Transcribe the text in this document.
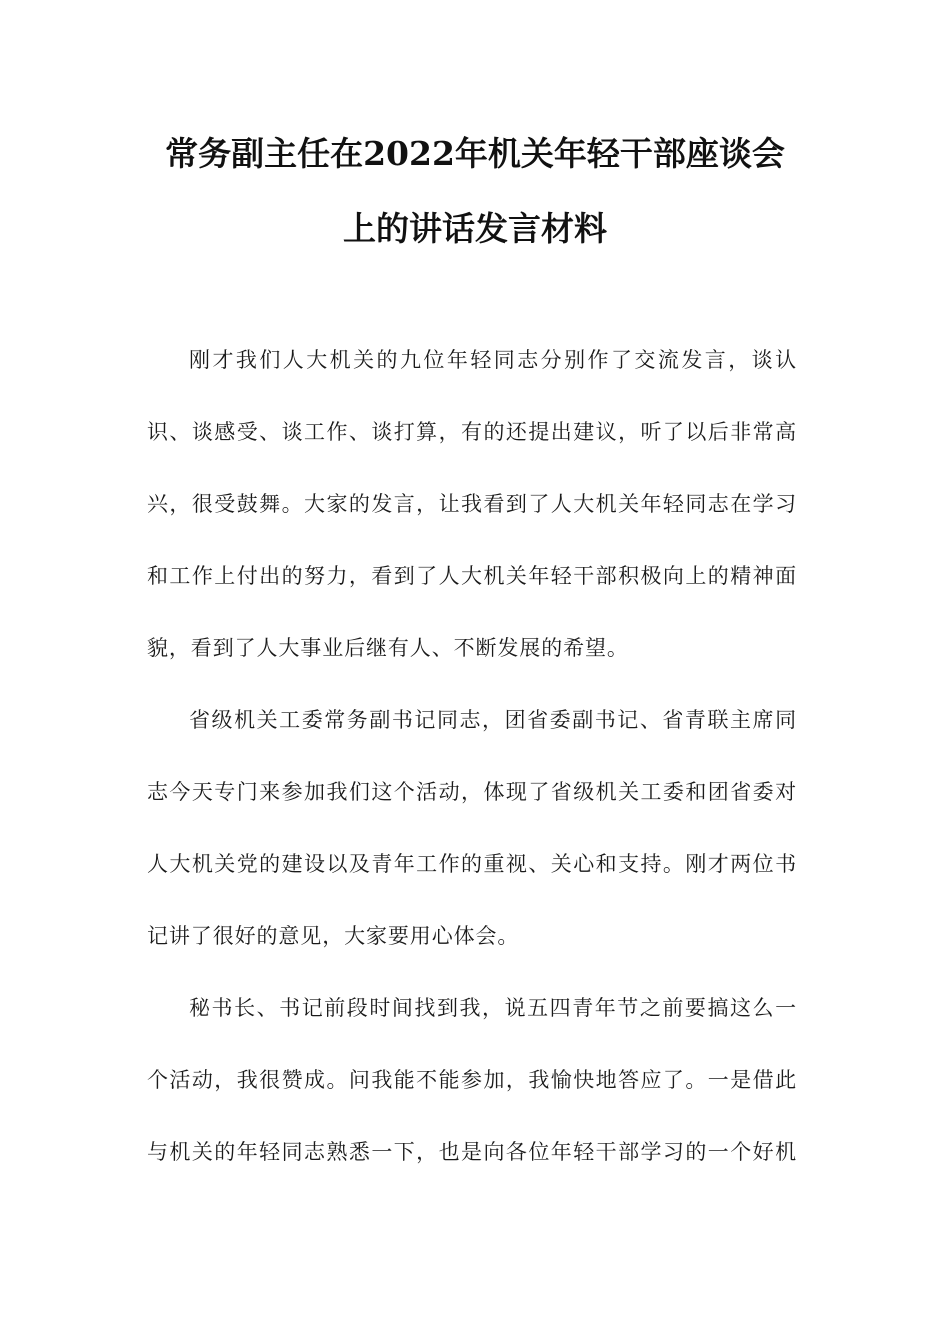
常务副主任在2022年机关年轻干部座谈会
上的讲话发言材料
刚才我们人大机关的九位年轻同志分别作了交流发言，谈认
识、谈感受、谈工作、谈打算，有的还提出建议，听了以后非常高
兴，很受鼓舞。大家的发言，让我看到了人大机关年轻同志在学习
和工作上付出的努力，看到了人大机关年轻干部积极向上的精神面
貌，看到了人大事业后继有人、不断发展的希望。
省级机关工委常务副书记同志，团省委副书记、省青联主席同
志今天专门来参加我们这个活动，体现了省级机关工委和团省委对
人大机关党的建设以及青年工作的重视、关心和支持。刚才两位书
记讲了很好的意见，大家要用心体会。
秘书长、书记前段时间找到我，说五四青年节之前要搞这么一
个活动，我很赞成。问我能不能参加，我愉快地答应了。一是借此
与机关的年轻同志熟悉一下，也是向各位年轻干部学习的一个好机
